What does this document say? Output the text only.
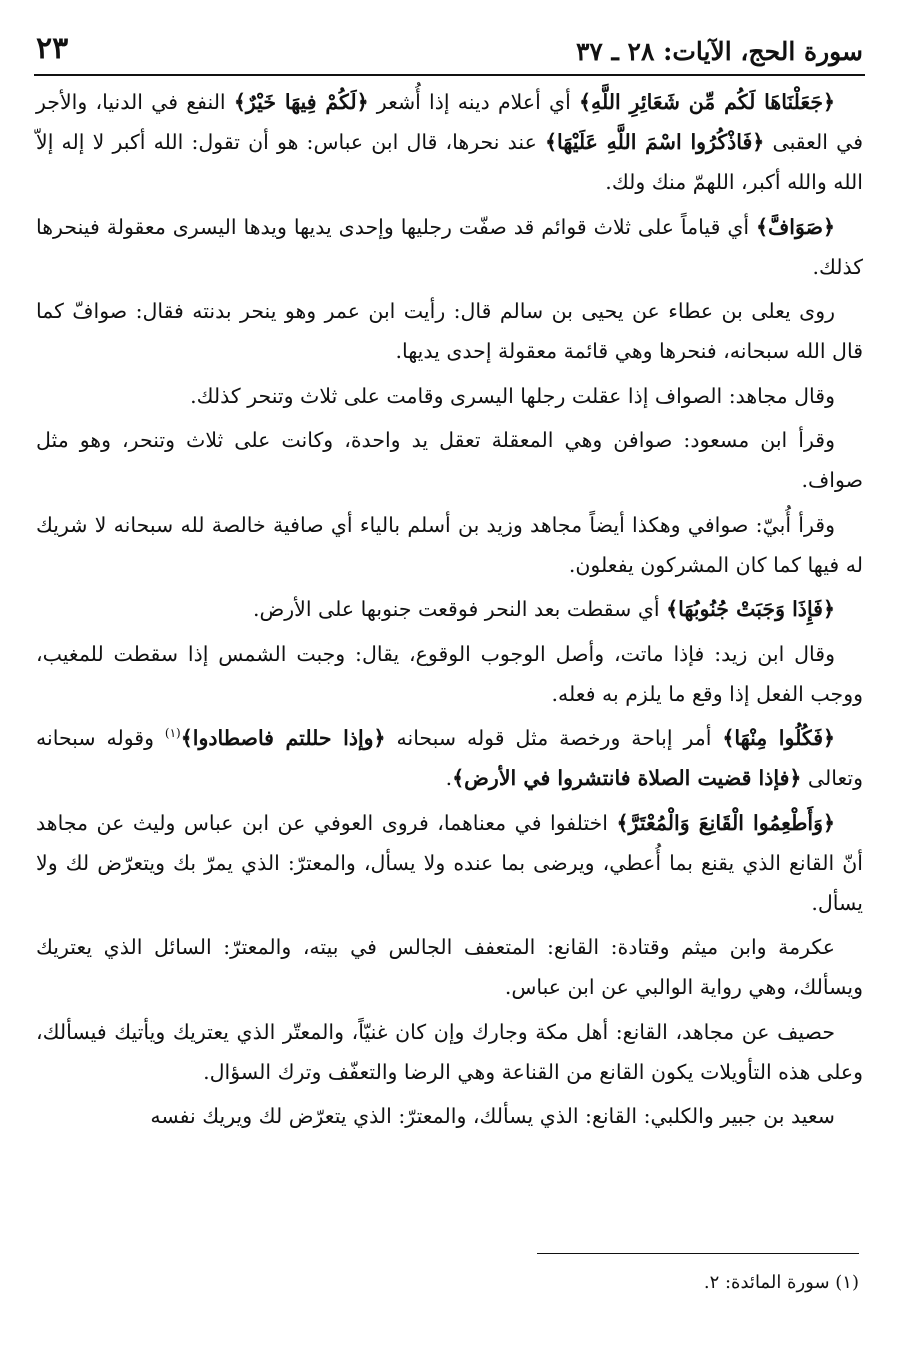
سورة الحج، الآيات: ٢٨ ـ ٣٧
٢٣

﴿جَعَلْنَاهَا لَكُم مِّن شَعَائِرِ اللَّهِ﴾ أي أعلام دينه إذا أُشعر ﴿لَكُمْ فِيهَا خَيْرٌ﴾ النفع في الدنيا، والأجر في العقبى ﴿فَاذْكُرُوا اسْمَ اللَّهِ عَلَيْهَا﴾ عند نحرها، قال ابن عباس: هو أن تقول: الله أكبر لا إله إلاّ الله والله أكبر، اللهمّ منك ولك.

﴿صَوَافَّ﴾ أي قياماً على ثلاث قوائم قد صفّت رجليها وإحدى يديها ويدها اليسرى معقولة فينحرها كذلك.

روى يعلى بن عطاء عن يحيى بن سالم قال: رأيت ابن عمر وهو ينحر بدنته فقال: صوافّ كما قال الله سبحانه، فنحرها وهي قائمة معقولة إحدى يديها.

وقال مجاهد: الصواف إذا عقلت رجلها اليسرى وقامت على ثلاث وتنحر كذلك.

وقرأ ابن مسعود: صوافن وهي المعقلة تعقل يد واحدة، وكانت على ثلاث وتنحر، وهو مثل صواف.

وقرأ أُبيّ: صوافي وهكذا أيضاً مجاهد وزيد بن أسلم بالياء أي صافية خالصة لله سبحانه لا شريك له فيها كما كان المشركون يفعلون.

﴿فَإِذَا وَجَبَتْ جُنُوبُهَا﴾ أي سقطت بعد النحر فوقعت جنوبها على الأرض.

وقال ابن زيد: فإذا ماتت، وأصل الوجوب الوقوع، يقال: وجبت الشمس إذا سقطت للمغيب، ووجب الفعل إذا وقع ما يلزم به فعله.

﴿فَكُلُوا مِنْهَا﴾ أمر إباحة ورخصة مثل قوله سبحانه ﴿وإذا حللتم فاصطادوا﴾$^{(١)}$ وقوله سبحانه وتعالى ﴿فإذا قضيت الصلاة فانتشروا في الأرض﴾.

﴿وَأَطْعِمُوا الْقَانِعَ وَالْمُعْتَرَّ﴾ اختلفوا في معناهما، فروى العوفي عن ابن عباس وليث عن مجاهد أنّ القانع الذي يقنع بما أُعطي، ويرضى بما عنده ولا يسأل، والمعترّ: الذي يمرّ بك ويتعرّض لك ولا يسأل.

عكرمة وابن ميثم وقتادة: القانع: المتعفف الجالس في بيته، والمعترّ: السائل الذي يعتريك ويسألك، وهي رواية الوالبي عن ابن عباس.

حصيف عن مجاهد، القانع: أهل مكة وجارك وإن كان غنيّاً، والمعتّر الذي يعتريك ويأتيك فيسألك، وعلى هذه التأويلات يكون القانع من القناعة وهي الرضا والتعفّف وترك السؤال.

سعيد بن جبير والكلبي: القانع: الذي يسألك، والمعترّ: الذي يتعرّض لك ويريك نفسه

(١) سورة المائدة: ٢.
